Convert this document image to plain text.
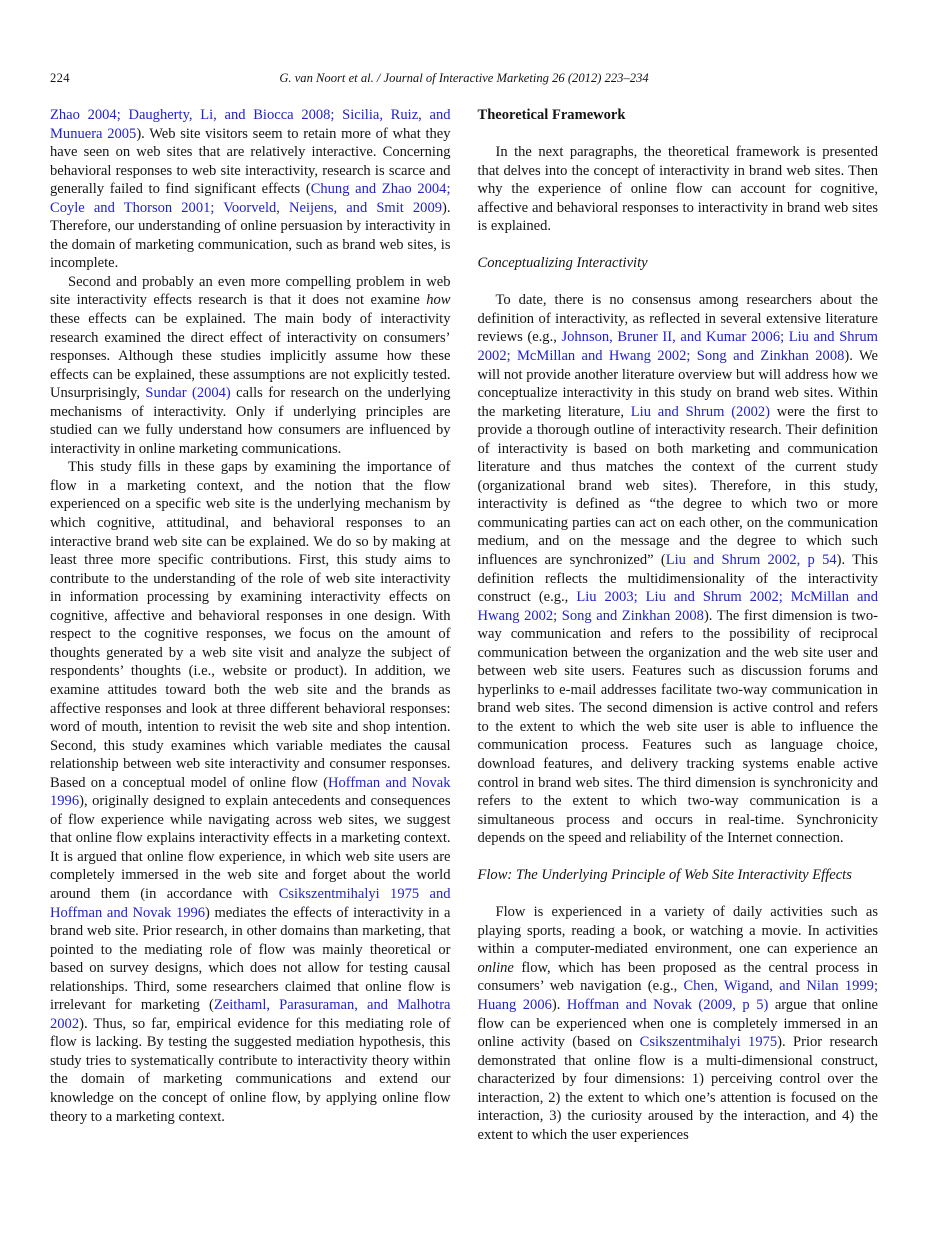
224	G. van Noort et al. / Journal of Interactive Marketing 26 (2012) 223–234

Zhao 2004; Daugherty, Li, and Biocca 2008; Sicilia, Ruiz, and Munuera 2005). Web site visitors seem to retain more of what they have seen on web sites that are relatively interactive. Concerning behavioral responses to web site interactivity, research is scarce and generally failed to find significant effects (Chung and Zhao 2004; Coyle and Thorson 2001; Voorveld, Neijens, and Smit 2009). Therefore, our understanding of online persuasion by interactivity in the domain of marketing communication, such as brand web sites, is incomplete.

Second and probably an even more compelling problem in web site interactivity effects research is that it does not examine how these effects can be explained. The main body of interactivity research examined the direct effect of interactivity on consumers’ responses. Although these studies implicitly assume how these effects can be explained, these assumptions are not explicitly tested. Unsurprisingly, Sundar (2004) calls for research on the underlying mechanisms of interactivity. Only if underlying principles are studied can we fully understand how consumers are influenced by interactivity in online marketing communications.

This study fills in these gaps by examining the importance of flow in a marketing context, and the notion that the flow experienced on a specific web site is the underlying mechanism by which cognitive, attitudinal, and behavioral responses to an interactive brand web site can be explained. We do so by making at least three more specific contributions. First, this study aims to contribute to the understanding of the role of web site interactivity in information processing by examining interactivity effects on cognitive, affective and behavioral responses in one design. With respect to the cognitive responses, we focus on the amount of thoughts generated by a web site visit and analyze the subject of respondents’ thoughts (i.e., website or product). In addition, we examine attitudes toward both the web site and the brands as affective responses and look at three different behavioral responses: word of mouth, intention to revisit the web site and shop intention. Second, this study examines which variable mediates the causal relationship between web site interactivity and consumer responses. Based on a conceptual model of online flow (Hoffman and Novak 1996), originally designed to explain antecedents and consequences of flow experience while navigating across web sites, we suggest that online flow explains interactivity effects in a marketing context. It is argued that online flow experience, in which web site users are completely immersed in the web site and forget about the world around them (in accordance with Csikszentmihalyi 1975 and Hoffman and Novak 1996) mediates the effects of interactivity in a brand web site. Prior research, in other domains than marketing, that pointed to the mediating role of flow was mainly theoretical or based on survey designs, which does not allow for testing causal relationships. Third, some researchers claimed that online flow is irrelevant for marketing (Zeithaml, Parasuraman, and Malhotra 2002). Thus, so far, empirical evidence for this mediating role of flow is lacking. By testing the suggested mediation hypothesis, this study tries to systematically contribute to interactivity theory within the domain of marketing communications and extend our knowledge on the concept of online flow, by applying online flow theory to a marketing context.

Theoretical Framework

In the next paragraphs, the theoretical framework is presented that delves into the concept of interactivity in brand web sites. Then why the experience of online flow can account for cognitive, affective and behavioral responses to interactivity in brand web sites is explained.

Conceptualizing Interactivity

To date, there is no consensus among researchers about the definition of interactivity, as reflected in several extensive literature reviews (e.g., Johnson, Bruner II, and Kumar 2006; Liu and Shrum 2002; McMillan and Hwang 2002; Song and Zinkhan 2008). We will not provide another literature overview but will address how we conceptualize interactivity in this study on brand web sites. Within the marketing literature, Liu and Shrum (2002) were the first to provide a thorough outline of interactivity research. Their definition of interactivity is based on both marketing and communication literature and thus matches the context of the current study (organizational brand web sites). Therefore, in this study, interactivity is defined as “the degree to which two or more communicating parties can act on each other, on the communication medium, and on the message and the degree to which such influences are synchronized” (Liu and Shrum 2002, p 54). This definition reflects the multidimensionality of the interactivity construct (e.g., Liu 2003; Liu and Shrum 2002; McMillan and Hwang 2002; Song and Zinkhan 2008). The first dimension is two-way communication and refers to the possibility of reciprocal communication between the organization and the web site user and between web site users. Features such as discussion forums and hyperlinks to e-mail addresses facilitate two-way communication in brand web sites. The second dimension is active control and refers to the extent to which the web site user is able to influence the communication process. Features such as language choice, download features, and delivery tracking systems enable active control in brand web sites. The third dimension is synchronicity and refers to the extent to which two-way communication is a simultaneous process and occurs in real-time. Synchronicity depends on the speed and reliability of the Internet connection.

Flow: The Underlying Principle of Web Site Interactivity Effects

Flow is experienced in a variety of daily activities such as playing sports, reading a book, or watching a movie. In activities within a computer-mediated environment, one can experience an online flow, which has been proposed as the central process in consumers’ web navigation (e.g., Chen, Wigand, and Nilan 1999; Huang 2006). Hoffman and Novak (2009, p 5) argue that online flow can be experienced when one is completely immersed in an online activity (based on Csikszentmihalyi 1975). Prior research demonstrated that online flow is a multi-dimensional construct, characterized by four dimensions: 1) perceiving control over the interaction, 2) the extent to which one’s attention is focused on the interaction, 3) the curiosity aroused by the interaction, and 4) the extent to which the user experiences
